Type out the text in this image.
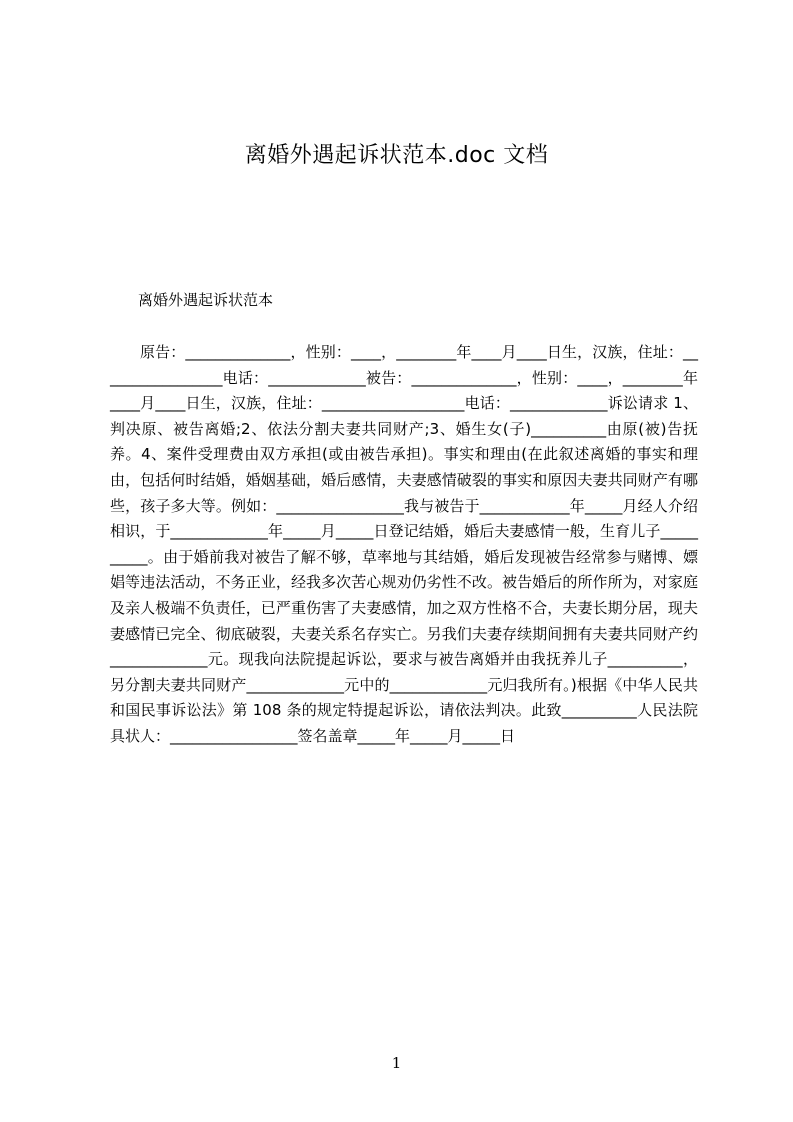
离婚外遇起诉状范本.doc 文档

离婚外遇起诉状范本

原告：______________，性别：____，________年____月____日生，汉族，住址：_________________电话：_____________被告：______________，性别：____，________年____月____日生，汉族，住址：___________________电话：_____________诉讼请求 1、判决原、被告离婚;2、依法分割夫妻共同财产;3、婚生女(子)__________由原(被)告抚养。4、案件受理费由双方承担(或由被告承担)。事实和理由(在此叙述离婚的事实和理由，包括何时结婚，婚姻基础，婚后感情，夫妻感情破裂的事实和原因夫妻共同财产有哪些，孩子多大等。例如：_________________我与被告于____________年_____月经人介绍相识，于_____________年_____月_____日登记结婚，婚后夫妻感情一般，生育儿子__________。由于婚前我对被告了解不够，草率地与其结婚，婚后发现被告经常参与赌博、嫖娼等违法活动，不务正业，经我多次苦心规劝仍劣性不改。被告婚后的所作所为，对家庭及亲人极端不负责任，已严重伤害了夫妻感情，加之双方性格不合，夫妻长期分居，现夫妻感情已完全、彻底破裂，夫妻关系名存实亡。另我们夫妻存续期间拥有夫妻共同财产约_____________元。现我向法院提起诉讼，要求与被告离婚并由我抚养儿子__________，另分割夫妻共同财产_____________元中的_____________元归我所有。)根据《中华人民共和国民事诉讼法》第 108 条的规定特提起诉讼，请依法判决。此致__________人民法院具状人：_________________签名盖章_____年_____月_____日

1
